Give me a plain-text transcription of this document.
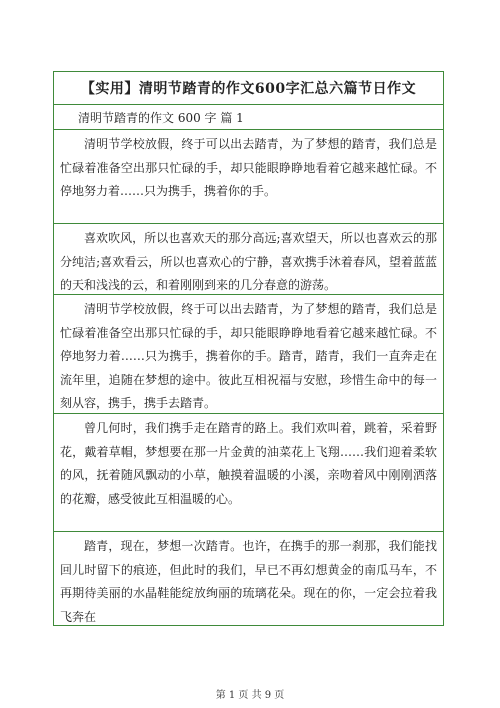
【实用】清明节踏青的作文600字汇总六篇节日作文
清明节踏青的作文 600 字 篇 1
清明节学校放假，终于可以出去踏青，为了梦想的踏青，我们总是忙碌着准备空出那只忙碌的手，却只能眼睁睁地看着它越来越忙碌。不停地努力着……只为携手，携着你的手。
喜欢吹风，所以也喜欢天的那分高远;喜欢望天，所以也喜欢云的那分纯洁;喜欢看云，所以也喜欢心的宁静，喜欢携手沐着春风，望着蓝蓝的天和浅浅的云，和着刚刚到来的几分春意的游荡。
清明节学校放假，终于可以出去踏青，为了梦想的踏青，我们总是忙碌着准备空出那只忙碌的手，却只能眼睁睁地看着它越来越忙碌。不停地努力着……只为携手，携着你的手。踏青，踏青，我们一直奔走在流年里，追随在梦想的途中。彼此互相祝福与安慰，珍惜生命中的每一刻从容，携手，携手去踏青。
曾几何时，我们携手走在踏青的路上。我们欢叫着，跳着，采着野花，戴着草帽，梦想要在那一片金黄的油菜花上飞翔……我们迎着柔软的风，抚着随风飘动的小草，触摸着温暖的小溪，亲吻着风中刚刚洒落的花瓣，感受彼此互相温暖的心。
踏青，现在，梦想一次踏青。也许，在携手的那一刹那，我们能找回儿时留下的痕迹，但此时的我们，早已不再幻想黄金的南瓜马车，不再期待美丽的水晶鞋能绽放绚丽的琉璃花朵。现在的你，一定会拉着我飞奔在
第 1 页 共 9 页
